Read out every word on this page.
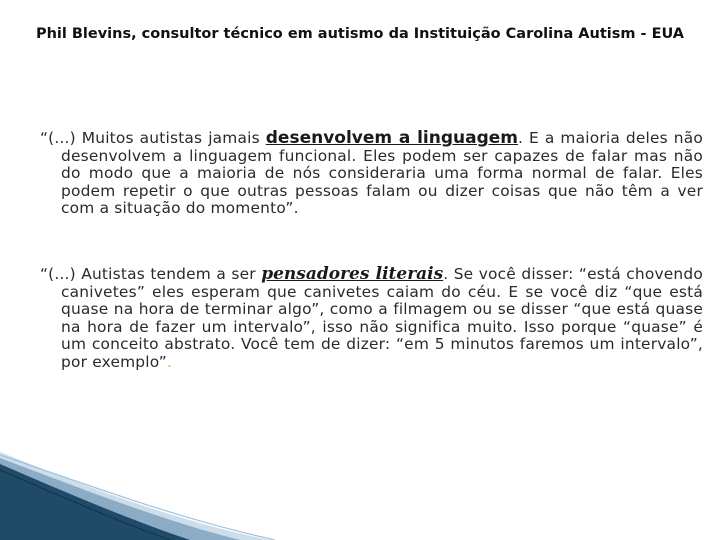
Phil Blevins, consultor técnico em autismo da Instituição Carolina Autism - EUA

“(...) Muitos autistas jamais desenvolvem a linguagem. E a maioria deles não desenvolvem a linguagem funcional. Eles podem ser capazes de falar mas não do modo que a maioria de nós consideraria uma forma normal de falar. Eles podem repetir o que outras pessoas falam ou dizer coisas que não têm a ver com a situação do momento”.

“(...) Autistas tendem a ser pensadores literais. Se você disser: “está chovendo canivetes” eles esperam que canivetes caiam do céu. E se você diz “que está quase na hora de terminar algo”, como a filmagem ou se disser “que está quase na hora de fazer um intervalo”, isso não significa muito. Isso porque “quase” é um conceito abstrato. Você tem de dizer: “em 5 minutos faremos um intervalo”, por exemplo”.
